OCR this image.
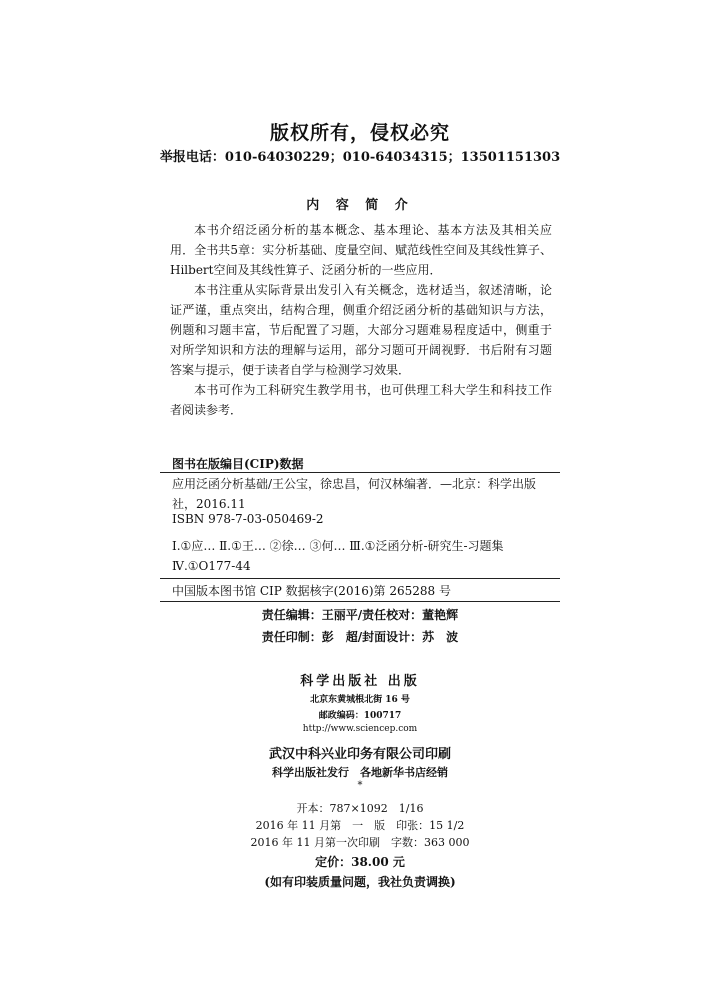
版权所有，侵权必究
举报电话：010-64030229；010-64034315；13501151303
内 容 简 介

本书介绍泛函分析的基本概念、基本理论、基本方法及其相关应用．全书共5章：实分析基础、度量空间、赋范线性空间及其线性算子、Hilbert空间及其线性算子、泛函分析的一些应用．

本书注重从实际背景出发引入有关概念，选材适当，叙述清晰，论证严谨，重点突出，结构合理，侧重介绍泛函分析的基础知识与方法，例题和习题丰富，节后配置了习题，大部分习题难易程度适中，侧重于对所学知识和方法的理解与运用，部分习题可开阔视野．书后附有习题答案与提示，便于读者自学与检测学习效果．

本书可作为工科研究生教学用书，也可供理工科大学生和科技工作者阅读参考．

图书在版编目(CIP)数据
应用泛函分析基础/王公宝，徐忠昌，何汉林编著．—北京：科学出版社，2016.11
ISBN 978-7-03-050469-2
Ⅰ.①应… Ⅱ.①王… ②徐… ③何… Ⅲ.①泛函分析-研究生-习题集 Ⅳ.①O177-44
中国版本图书馆 CIP 数据核字(2016)第 265288 号
责任编辑：王丽平/责任校对：董艳辉
责任印制：彭　超/封面设计：苏　波
科学出版社 出版
北京东黄城根北街 16 号
邮政编码：100717
http://www.sciencep.com
武汉中科兴业印务有限公司印刷
科学出版社发行　各地新华书店经销
*
开本：787×1092　1/16
2016 年 11 月第　一　版　印张：15 1/2
2016 年 11 月第一次印刷　字数：363 000
定价：38.00 元
(如有印装质量问题，我社负责调换)
